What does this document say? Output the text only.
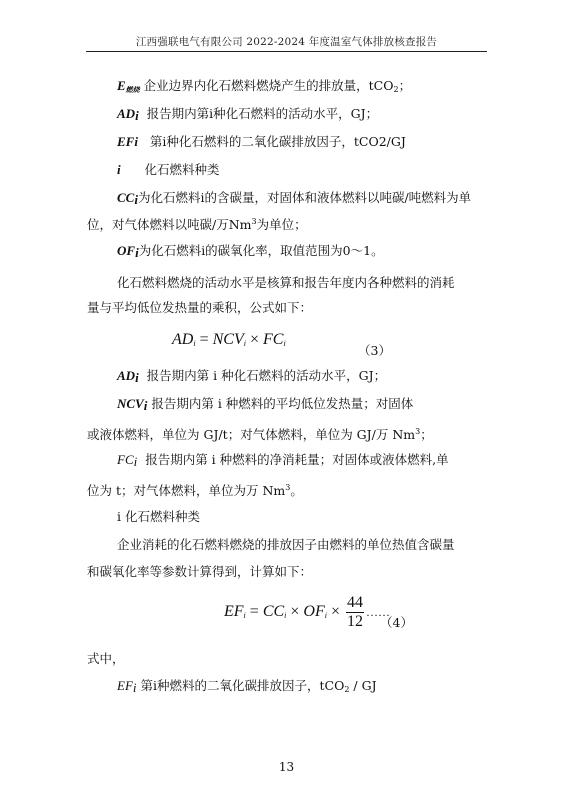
江西强联电气有限公司 2022-2024 年度温室气体排放核查报告
$E_{燃烧}$ 企业边界内化石燃料燃烧产生的排放量，tCO$_2$；
$AD_i$ 报告期内第i种化石燃料的活动水平，GJ；
EFi 第i种化石燃料的二氧化碳排放因子，tCO2/GJ
i 化石燃料种类
$CC_i$为化石燃料i的含碳量，对固体和液体燃料以吨碳/吨燃料为单
位，对气体燃料以吨碳/万Nm$^3$为单位；
$OF_i$为化石燃料i的碳氧化率，取值范围为0～1。
化石燃料燃烧的活动水平是核算和报告年度内各种燃料的消耗
量与平均低位发热量的乘积，公式如下：
$AD_i = NCV_i \times FC_i$	（3）
$AD_i$ 报告期内第 i 种化石燃料的活动水平，GJ；
$NCV_i$ 报告期内第 i 种燃料的平均低位发热量；对固体
或液体燃料，单位为 GJ/t；对气体燃料，单位为 GJ/万 Nm$^3$；
$FC_i$ 报告期内第 i 种燃料的净消耗量；对固体或液体燃料,单
位为 t；对气体燃料，单位为万 Nm$^3$。
i 化石燃料种类
企业消耗的化石燃料燃烧的排放因子由燃料的单位热值含碳量
和碳氧化率等参数计算得到，计算如下：
$EF_i = CC_i \times OF_i \times \frac{44}{12}$ ……
（4）
式中，
$EF_i$ 第i种燃料的二氧化碳排放因子，tCO$_2$ / GJ
13
